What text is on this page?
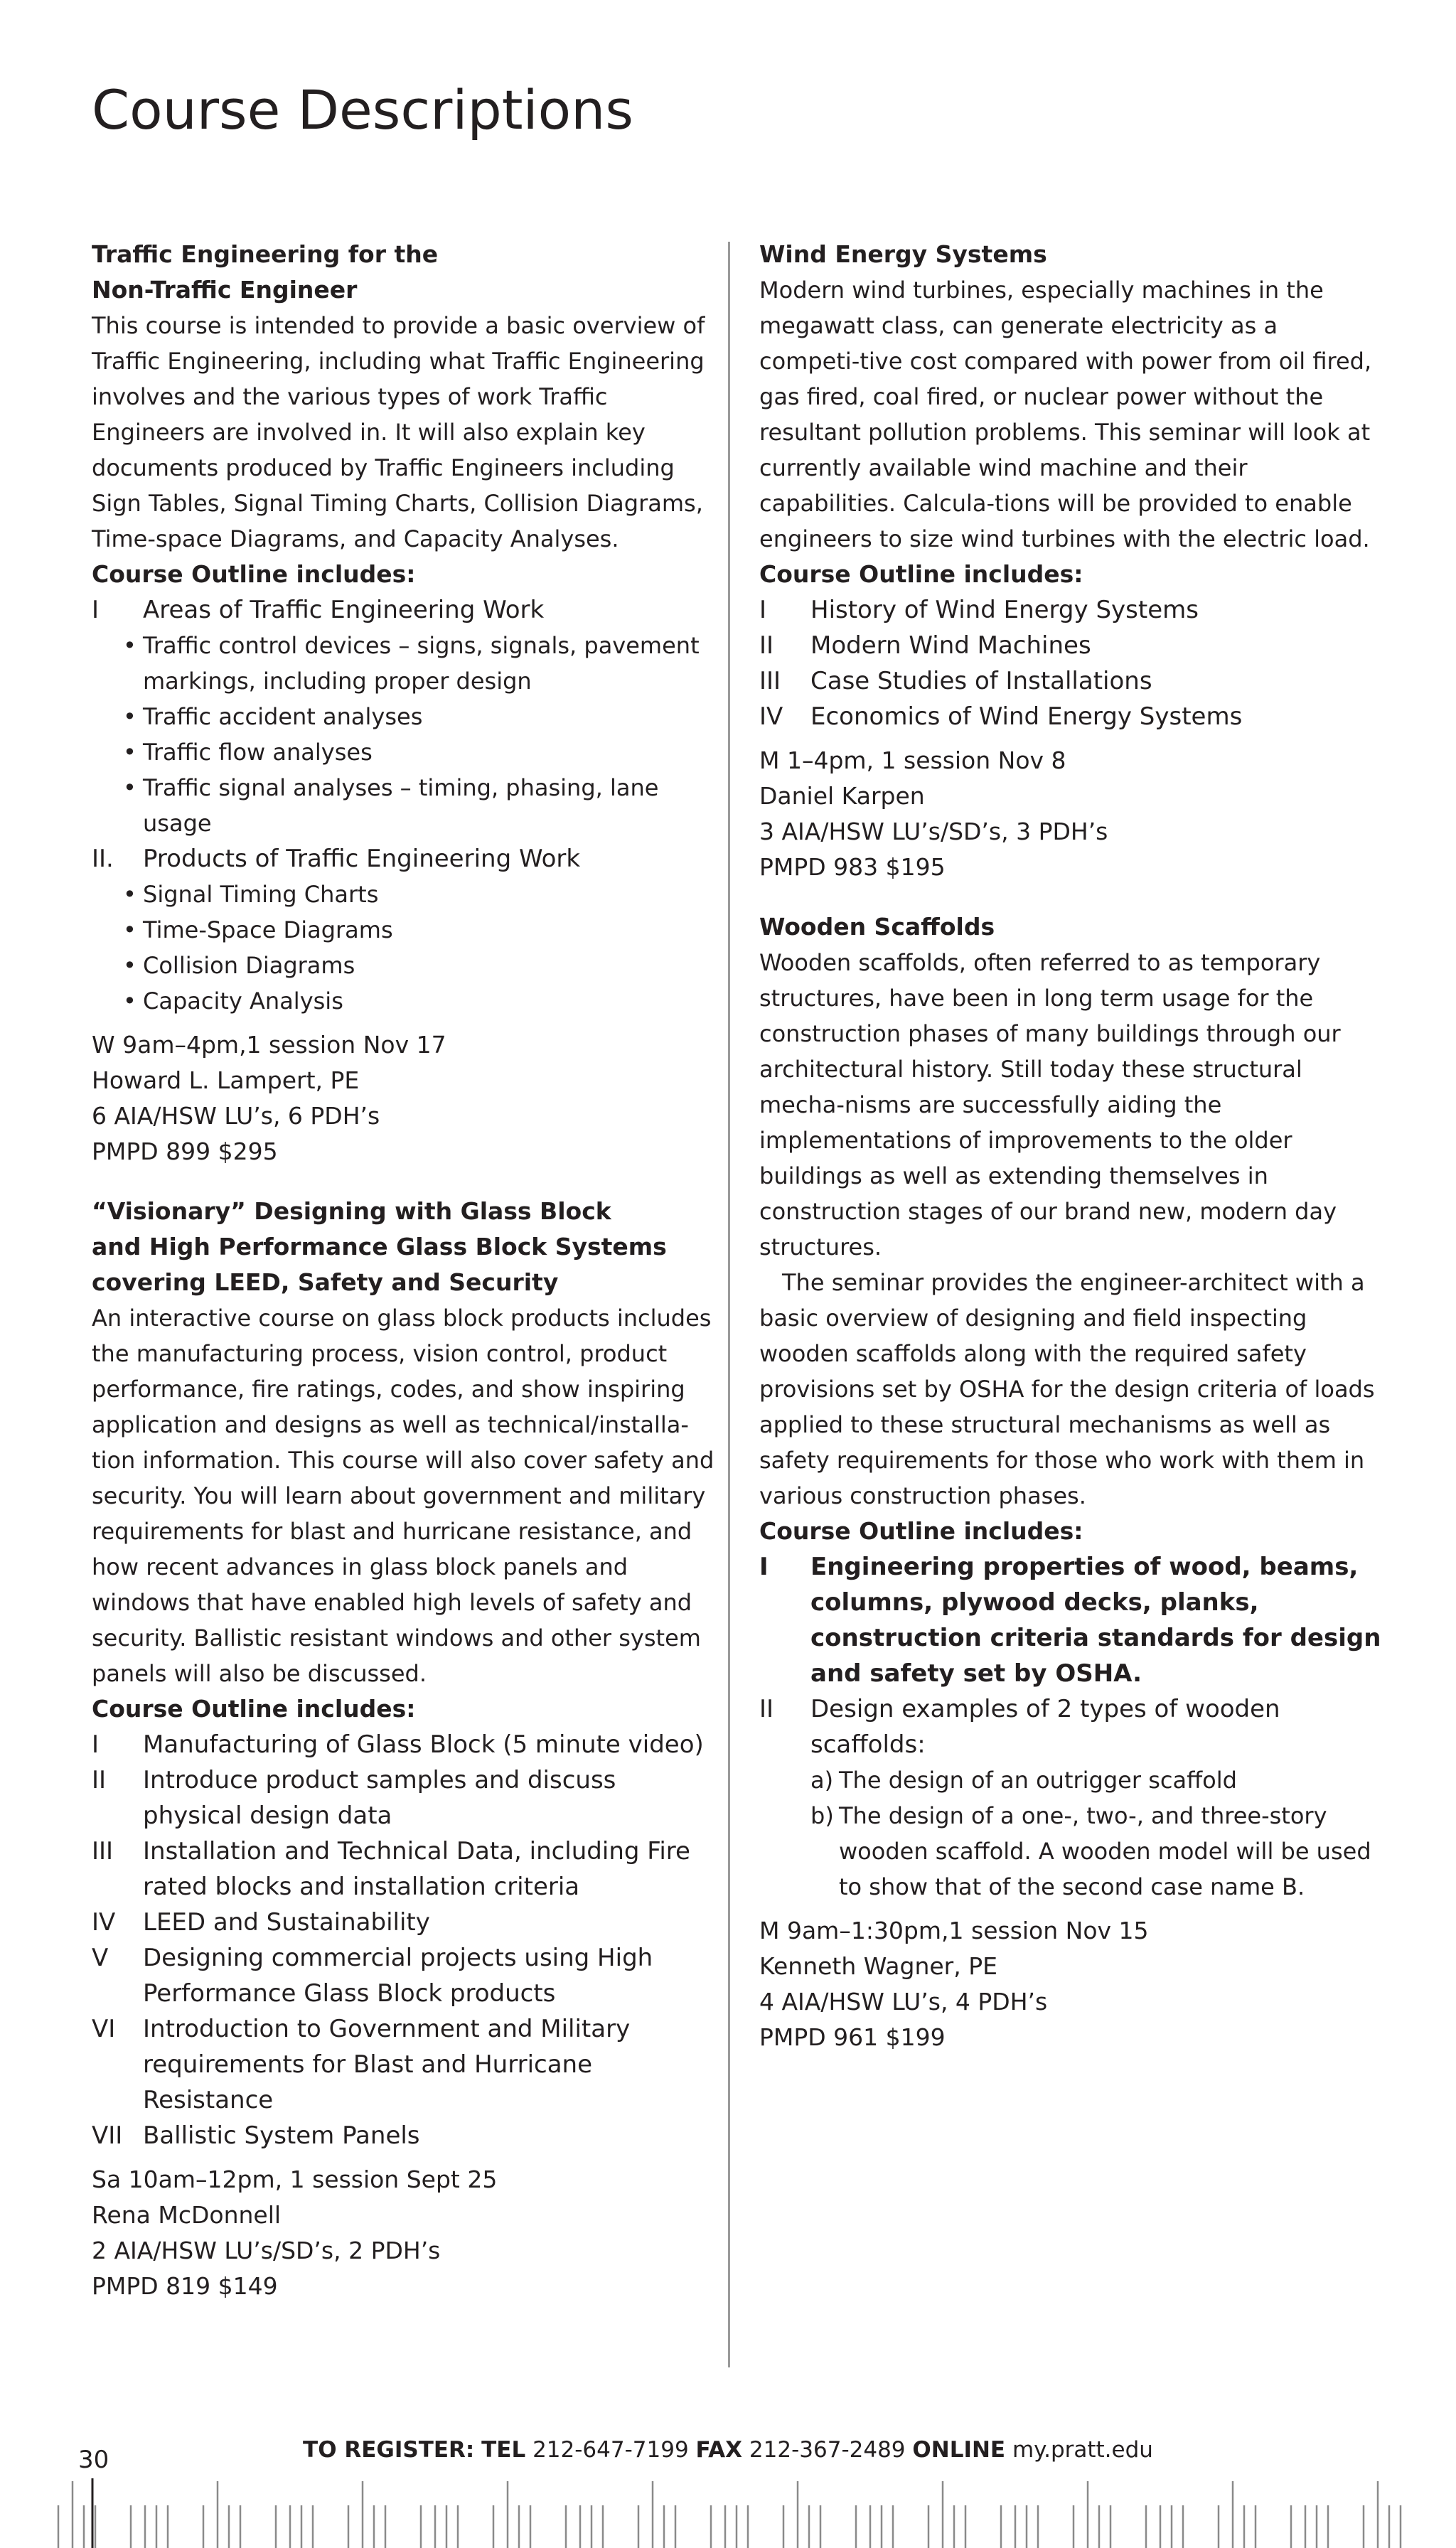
Course Descriptions
Traffic Engineering for the
Non-Traffic Engineer

This course is intended to provide a basic overview of Traffic Engineering, including what Traffic Engineering involves and the various types of work Traffic Engineers are involved in. It will also explain key documents produced by Traffic Engineers including Sign Tables, Signal Timing Charts, Collision Diagrams, Time-space Diagrams, and Capacity Analyses.

Course Outline includes:
I Areas of Traffic Engineering Work
• Traffic control devices – signs, signals, pavement markings, including proper design
• Traffic accident analyses
• Traffic flow analyses
• Traffic signal analyses – timing, phasing, lane usage
II. Products of Traffic Engineering Work
• Signal Timing Charts
• Time-Space Diagrams
• Collision Diagrams
• Capacity Analysis
W 9am–4pm,1 session Nov 17
Howard L. Lampert, PE
6 AIA/HSW LU’s, 6 PDH’s
PMPD 899 $295
“Visionary” Designing with Glass Block
and High Performance Glass Block Systems
covering LEED, Safety and Security

An interactive course on glass block products includes the manufacturing process, vision control, product performance, fire ratings, codes, and show inspiring application and designs as well as technical/installa-tion information. This course will also cover safety and security. You will learn about government and military requirements for blast and hurricane resistance, and how recent advances in glass block panels and windows that have enabled high levels of safety and security. Ballistic resistant windows and other system panels will also be discussed.

Course Outline includes:
I Manufacturing of Glass Block (5 minute video)
II Introduce product samples and discuss physical design data
III Installation and Technical Data, including Fire rated blocks and installation criteria
IV LEED and Sustainability
V Designing commercial projects using High Performance Glass Block products
VI Introduction to Government and Military requirements for Blast and Hurricane Resistance
VII Ballistic System Panels
Sa 10am–12pm, 1 session Sept 25
Rena McDonnell
2 AIA/HSW LU’s/SD’s, 2 PDH’s
PMPD 819 $149
Wind Energy Systems

Modern wind turbines, especially machines in the megawatt class, can generate electricity as a competi-tive cost compared with power from oil fired, gas fired, coal fired, or nuclear power without the resultant pollution problems. This seminar will look at currently available wind machine and their capabilities. Calcula-tions will be provided to enable engineers to size wind turbines with the electric load.

Course Outline includes:
I History of Wind Energy Systems
II Modern Wind Machines
III Case Studies of Installations
IV Economics of Wind Energy Systems
M 1–4pm, 1 session Nov 8
Daniel Karpen
3 AIA/HSW LU’s/SD’s, 3 PDH’s
PMPD 983 $195
Wooden Scaffolds

Wooden scaffolds, often referred to as temporary structures, have been in long term usage for the construction phases of many buildings through our architectural history. Still today these structural mecha-nisms are successfully aiding the implementations of improvements to the older buildings as well as extending themselves in construction stages of our brand new, modern day structures.

The seminar provides the engineer-architect with a basic overview of designing and field inspecting wooden scaffolds along with the required safety provisions set by OSHA for the design criteria of loads applied to these structural mechanisms as well as safety requirements for those who work with them in various construction phases.

Course Outline includes:
I Engineering properties of wood, beams, columns, plywood decks, planks, construction criteria standards for design and safety set by OSHA.
II Design examples of 2 types of wooden scaffolds:
a) The design of an outrigger scaffold
b) The design of a one-, two-, and three-story wooden scaffold. A wooden model will be used to show that of the second case name B.
M 9am–1:30pm,1 session Nov 15
Kenneth Wagner, PE
4 AIA/HSW LU’s, 4 PDH’s
PMPD 961 $199
TO REGISTER: TEL 212-647-7199 FAX 212-367-2489 ONLINE my.pratt.edu
30
